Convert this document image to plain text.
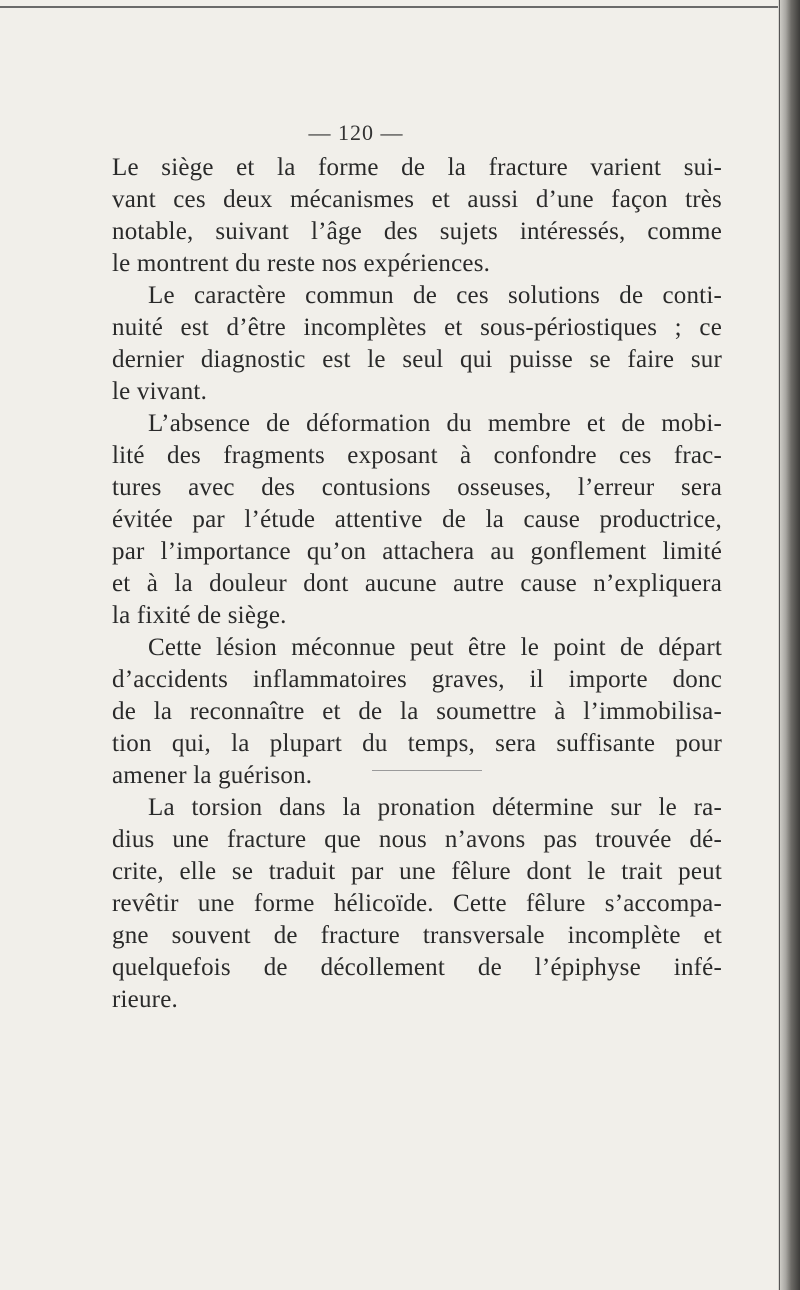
— 120 —
Le siège et la forme de la fracture varient sui-
vant ces deux mécanismes et aussi d’une façon très
notable, suivant l’âge des sujets intéressés, comme
le montrent du reste nos expériences.
Le caractère commun de ces solutions de conti-
nuité est d’être incomplètes et sous-périostiques ; ce
dernier diagnostic est le seul qui puisse se faire sur
le vivant.
L’absence de déformation du membre et de mobi-
lité des fragments exposant à confondre ces frac-
tures avec des contusions osseuses, l’erreur sera
évitée par l’étude attentive de la cause productrice,
par l’importance qu’on attachera au gonflement limité
et à la douleur dont aucune autre cause n’expliquera
la fixité de siège.
Cette lésion méconnue peut être le point de départ
d’accidents inflammatoires graves, il importe donc
de la reconnaître et de la soumettre à l’immobilisa-
tion qui, la plupart du temps, sera suffisante pour
amener la guérison.
La torsion dans la pronation détermine sur le ra-
dius une fracture que nous n’avons pas trouvée dé-
crite, elle se traduit par une fêlure dont le trait peut
revêtir une forme hélicoïde. Cette fêlure s’accompa-
gne souvent de fracture transversale incomplète et
quelquefois de décollement de l’épiphyse infé-
rieure.
